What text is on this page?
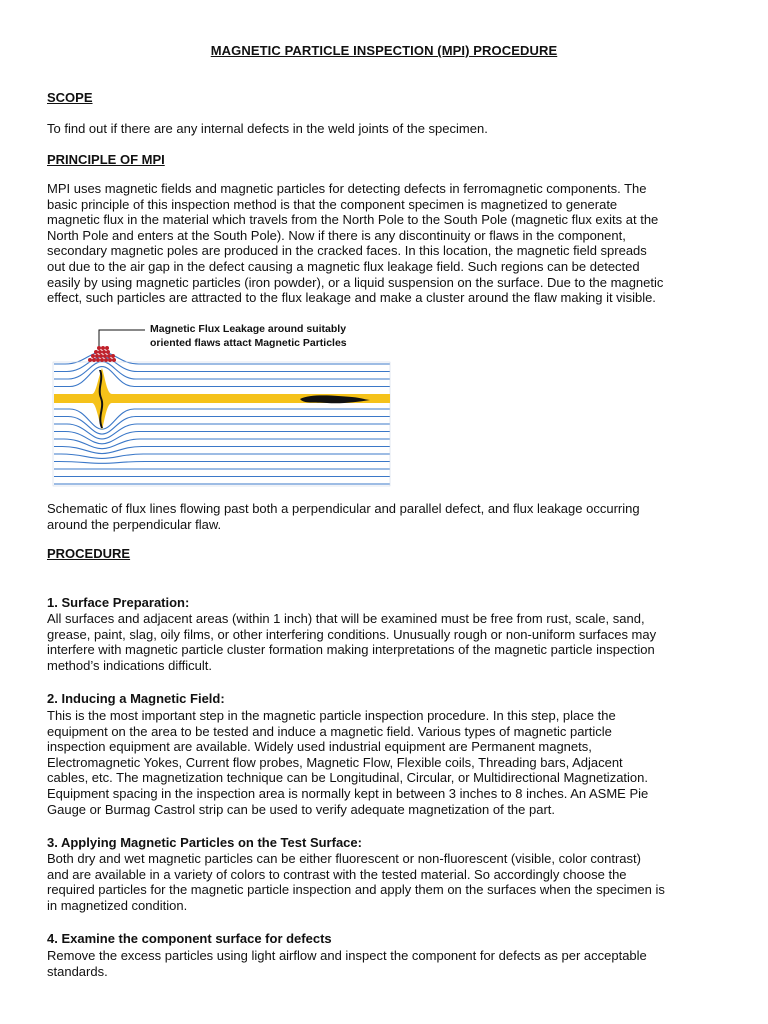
MAGNETIC PARTICLE INSPECTION (MPI) PROCEDURE
SCOPE

To find out if there are any internal defects in the weld joints of the specimen.

PRINCIPLE OF MPI
MPI uses magnetic fields and magnetic particles for detecting defects in ferromagnetic components. The
basic principle of this inspection method is that the component specimen is magnetized to generate
magnetic flux in the material which travels from the North Pole to the South Pole (magnetic flux exits at the
North Pole and enters at the South Pole). Now if there is any discontinuity or flaws in the component,
secondary magnetic poles are produced in the cracked faces. In this location, the magnetic field spreads
out due to the air gap in the defect causing a magnetic flux leakage field. Such regions can be detected
easily by using magnetic particles (iron powder), or a liquid suspension on the surface. Due to the magnetic
effect, such particles are attracted to the flux leakage and make a cluster around the flaw making it visible.
Magnetic Flux Leakage around suitably
oriented flaws attact Magnetic Particles
Schematic of flux lines flowing past both a perpendicular and parallel defect, and flux leakage occurring
around the perpendicular flaw.
PROCEDURE
1. Surface Preparation:
All surfaces and adjacent areas (within 1 inch) that will be examined must be free from rust, scale, sand,
grease, paint, slag, oily films, or other interfering conditions. Unusually rough or non-uniform surfaces may
interfere with magnetic particle cluster formation making interpretations of the magnetic particle inspection
method’s indications difficult.
2. Inducing a Magnetic Field:
This is the most important step in the magnetic particle inspection procedure. In this step, place the
equipment on the area to be tested and induce a magnetic field. Various types of magnetic particle
inspection equipment are available. Widely used industrial equipment are Permanent magnets,
Electromagnetic Yokes, Current flow probes, Magnetic Flow, Flexible coils, Threading bars, Adjacent
cables, etc. The magnetization technique can be Longitudinal, Circular, or Multidirectional Magnetization.
Equipment spacing in the inspection area is normally kept in between 3 inches to 8 inches. An ASME Pie
Gauge or Burmag Castrol strip can be used to verify adequate magnetization of the part.
3. Applying Magnetic Particles on the Test Surface:
Both dry and wet magnetic particles can be either fluorescent or non-fluorescent (visible, color contrast)
and are available in a variety of colors to contrast with the tested material. So accordingly choose the
required particles for the magnetic particle inspection and apply them on the surfaces when the specimen is
in magnetized condition.
4. Examine the component surface for defects
Remove the excess particles using light airflow and inspect the component for defects as per acceptable
standards.
